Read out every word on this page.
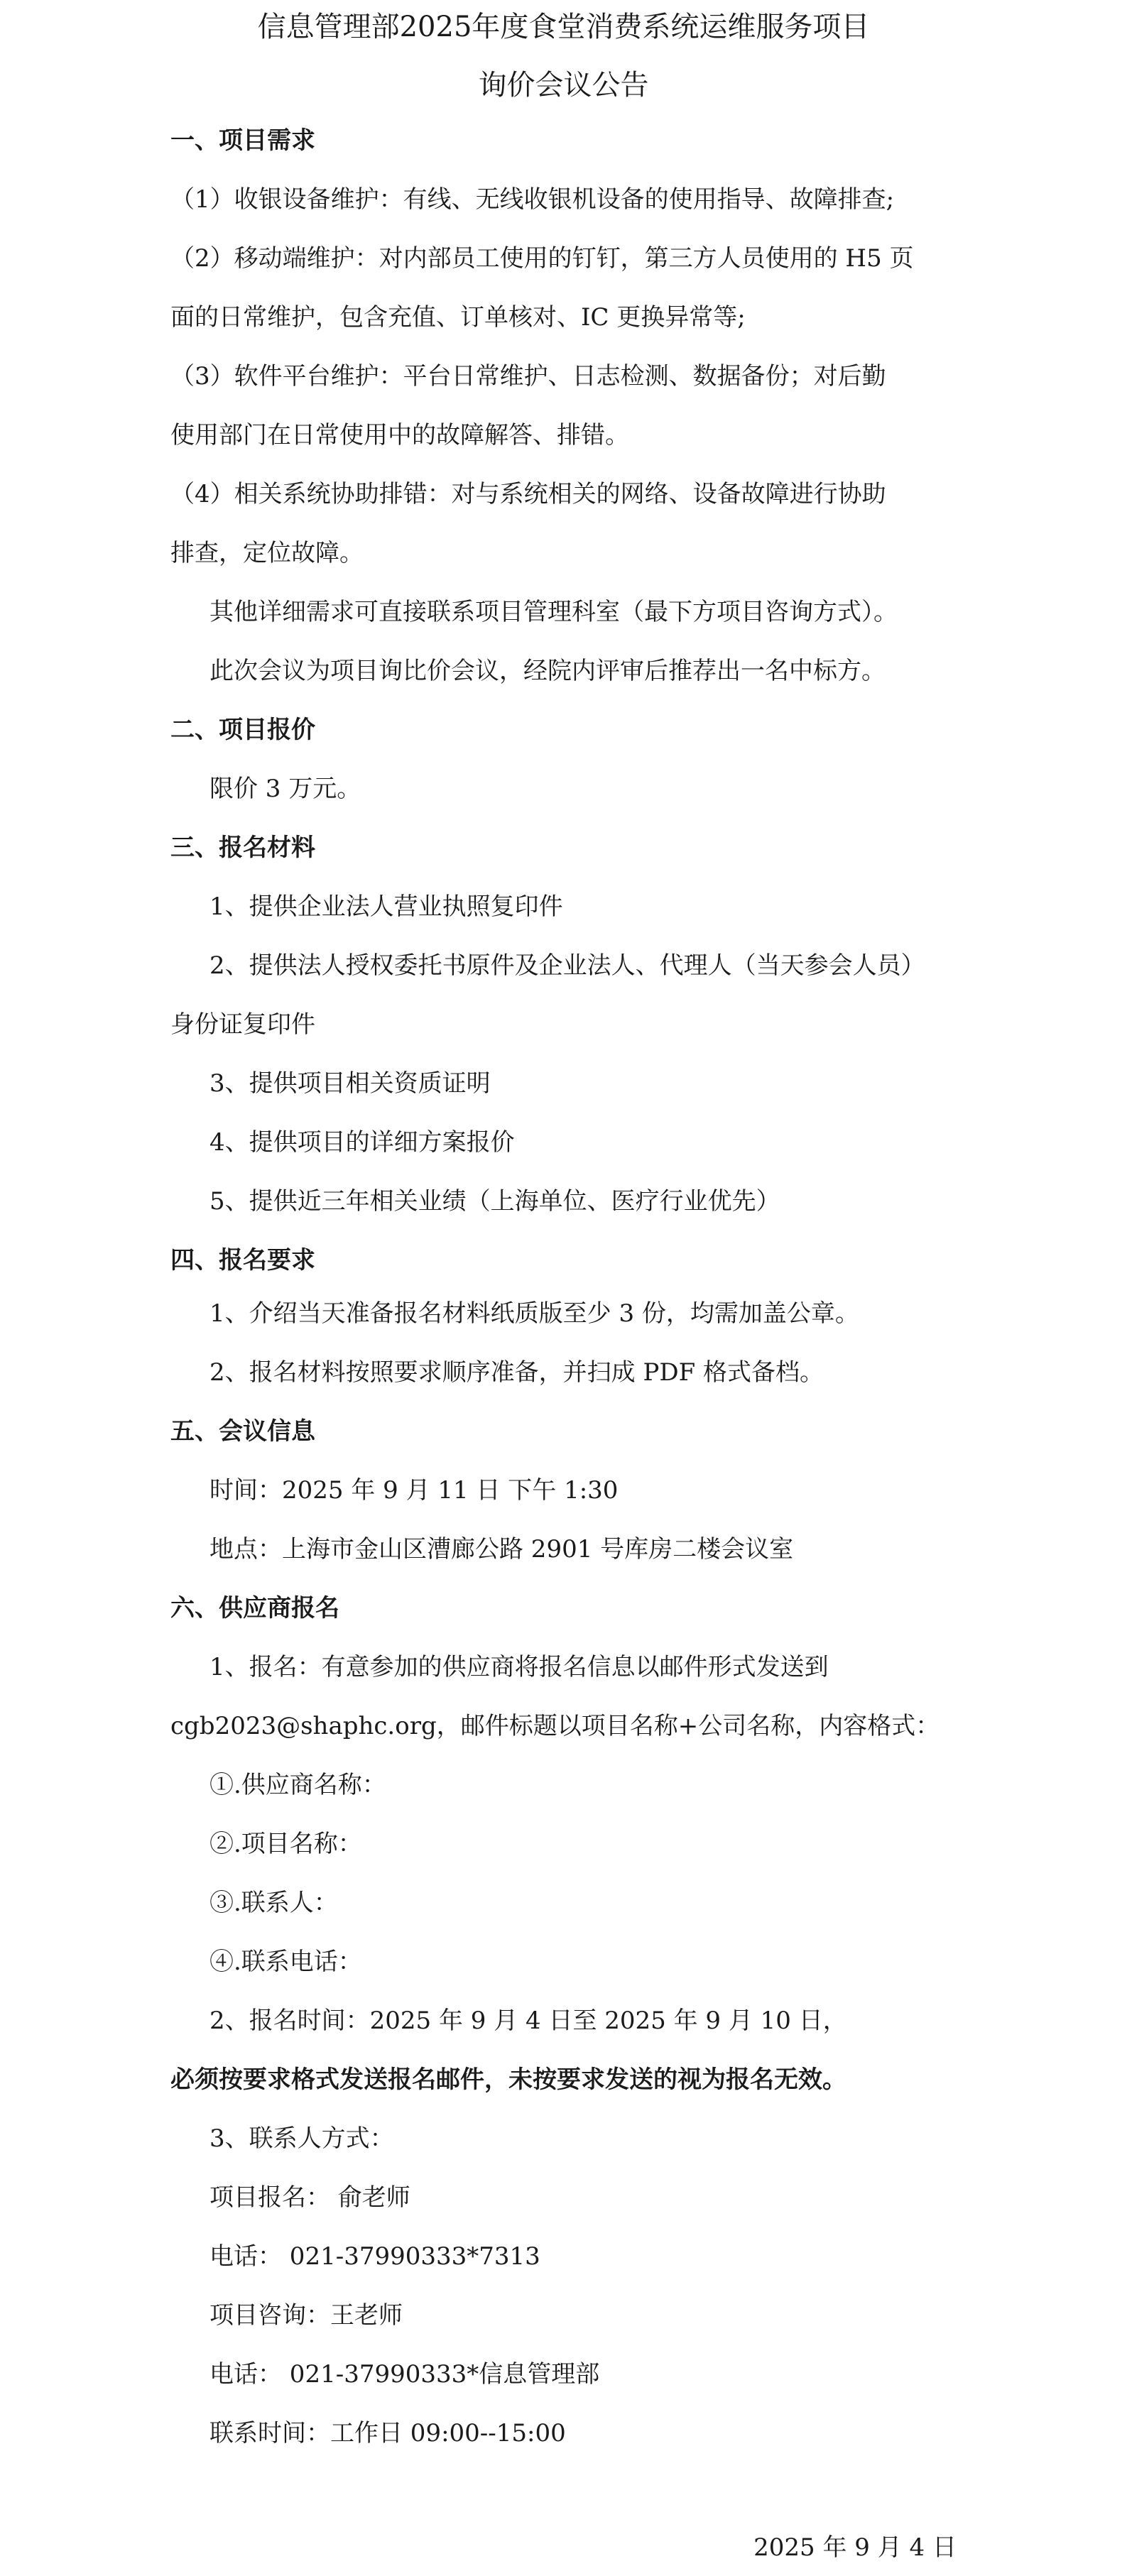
信息管理部2025年度食堂消费系统运维服务项目
询价会议公告
一、项目需求
（1）收银设备维护：有线、无线收银机设备的使用指导、故障排查;
（2）移动端维护：对内部员工使用的钉钉，第三方人员使用的 H5 页
面的日常维护，包含充值、订单核对、IC 更换异常等;
（3）软件平台维护：平台日常维护、日志检测、数据备份；对后勤
使用部门在日常使用中的故障解答、排错。
（4）相关系统协助排错：对与系统相关的网络、设备故障进行协助
排查，定位故障。
其他详细需求可直接联系项目管理科室（最下方项目咨询方式）。
此次会议为项目询比价会议，经院内评审后推荐出一名中标方。
二、项目报价
限价 3 万元。
三、报名材料
1、提供企业法人营业执照复印件
2、提供法人授权委托书原件及企业法人、代理人（当天参会人员）
身份证复印件
3、提供项目相关资质证明
4、提供项目的详细方案报价
5、提供近三年相关业绩（上海单位、医疗行业优先）
四、报名要求
1、介绍当天准备报名材料纸质版至少 3 份，均需加盖公章。
2、报名材料按照要求顺序准备，并扫成 PDF 格式备档。
五、会议信息
时间：2025 年 9 月 11 日 下午 1:30
地点：上海市金山区漕廊公路 2901 号库房二楼会议室
六、供应商报名
1、报名：有意参加的供应商将报名信息以邮件形式发送到
cgb2023@shaphc.org，邮件标题以项目名称+公司名称，内容格式：
①.供应商名称：
②.项目名称：
③.联系人：
④.联系电话：
2、报名时间：2025 年 9 月 4 日至 2025 年 9 月 10 日，
必须按要求格式发送报名邮件，未按要求发送的视为报名无效。
3、联系人方式：
项目报名： 俞老师
电话： 021-37990333*7313
项目咨询：王老师
电话： 021-37990333*信息管理部
联系时间：工作日 09:00--15:00
2025 年 9 月 4 日
